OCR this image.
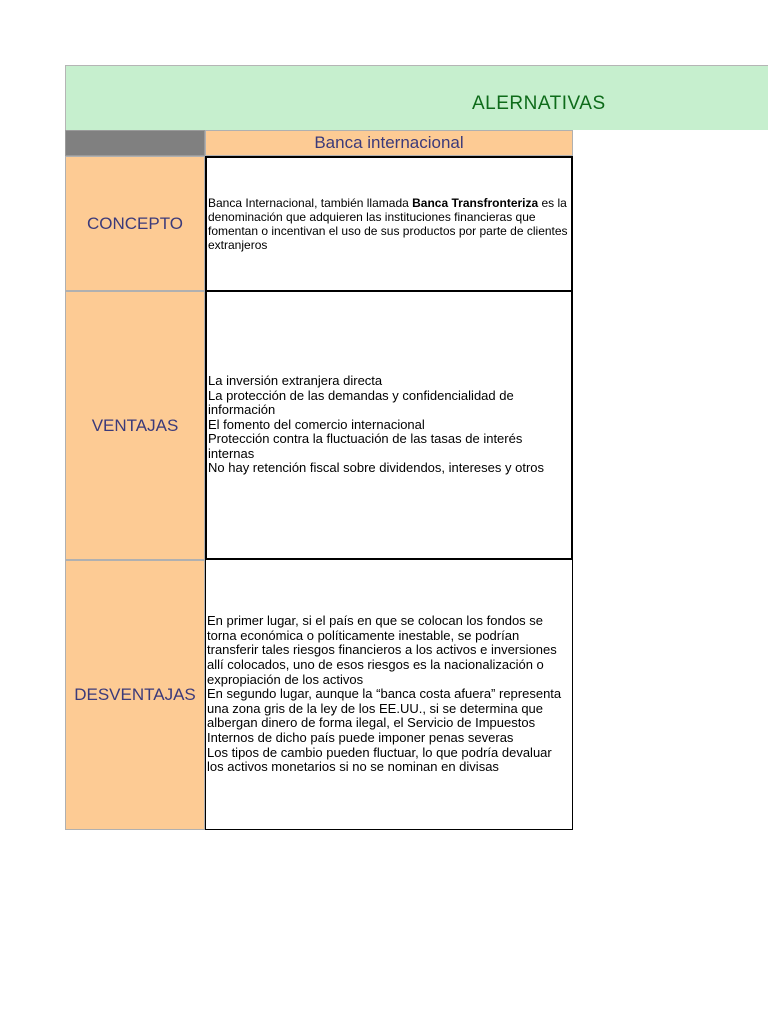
ALERNATIVAS
Banca internacional
CONCEPTO
Banca Internacional, también llamada Banca Transfronteriza es la denominación que adquieren las instituciones financieras que fomentan o incentivan el uso de sus productos por parte de clientes extranjeros
VENTAJAS
La inversión extranjera directa
La protección de las demandas y confidencialidad de información
El fomento del comercio internacional
Protección contra la fluctuación de las tasas de interés internas
No hay retención fiscal sobre dividendos, intereses y otros
DESVENTAJAS
En primer lugar, si el país en que se colocan los fondos se torna económica o políticamente inestable, se podrían transferir tales riesgos financieros a los activos e inversiones allí colocados, uno de esos riesgos es la nacionalización o expropiación de los activos
En segundo lugar, aunque la “banca costa afuera” representa una zona gris de la ley de los EE.UU., si se determina que albergan dinero de forma ilegal, el Servicio de Impuestos Internos de dicho país puede imponer penas severas
Los tipos de cambio pueden fluctuar, lo que podría devaluar los activos monetarios si no se nominan en divisas
